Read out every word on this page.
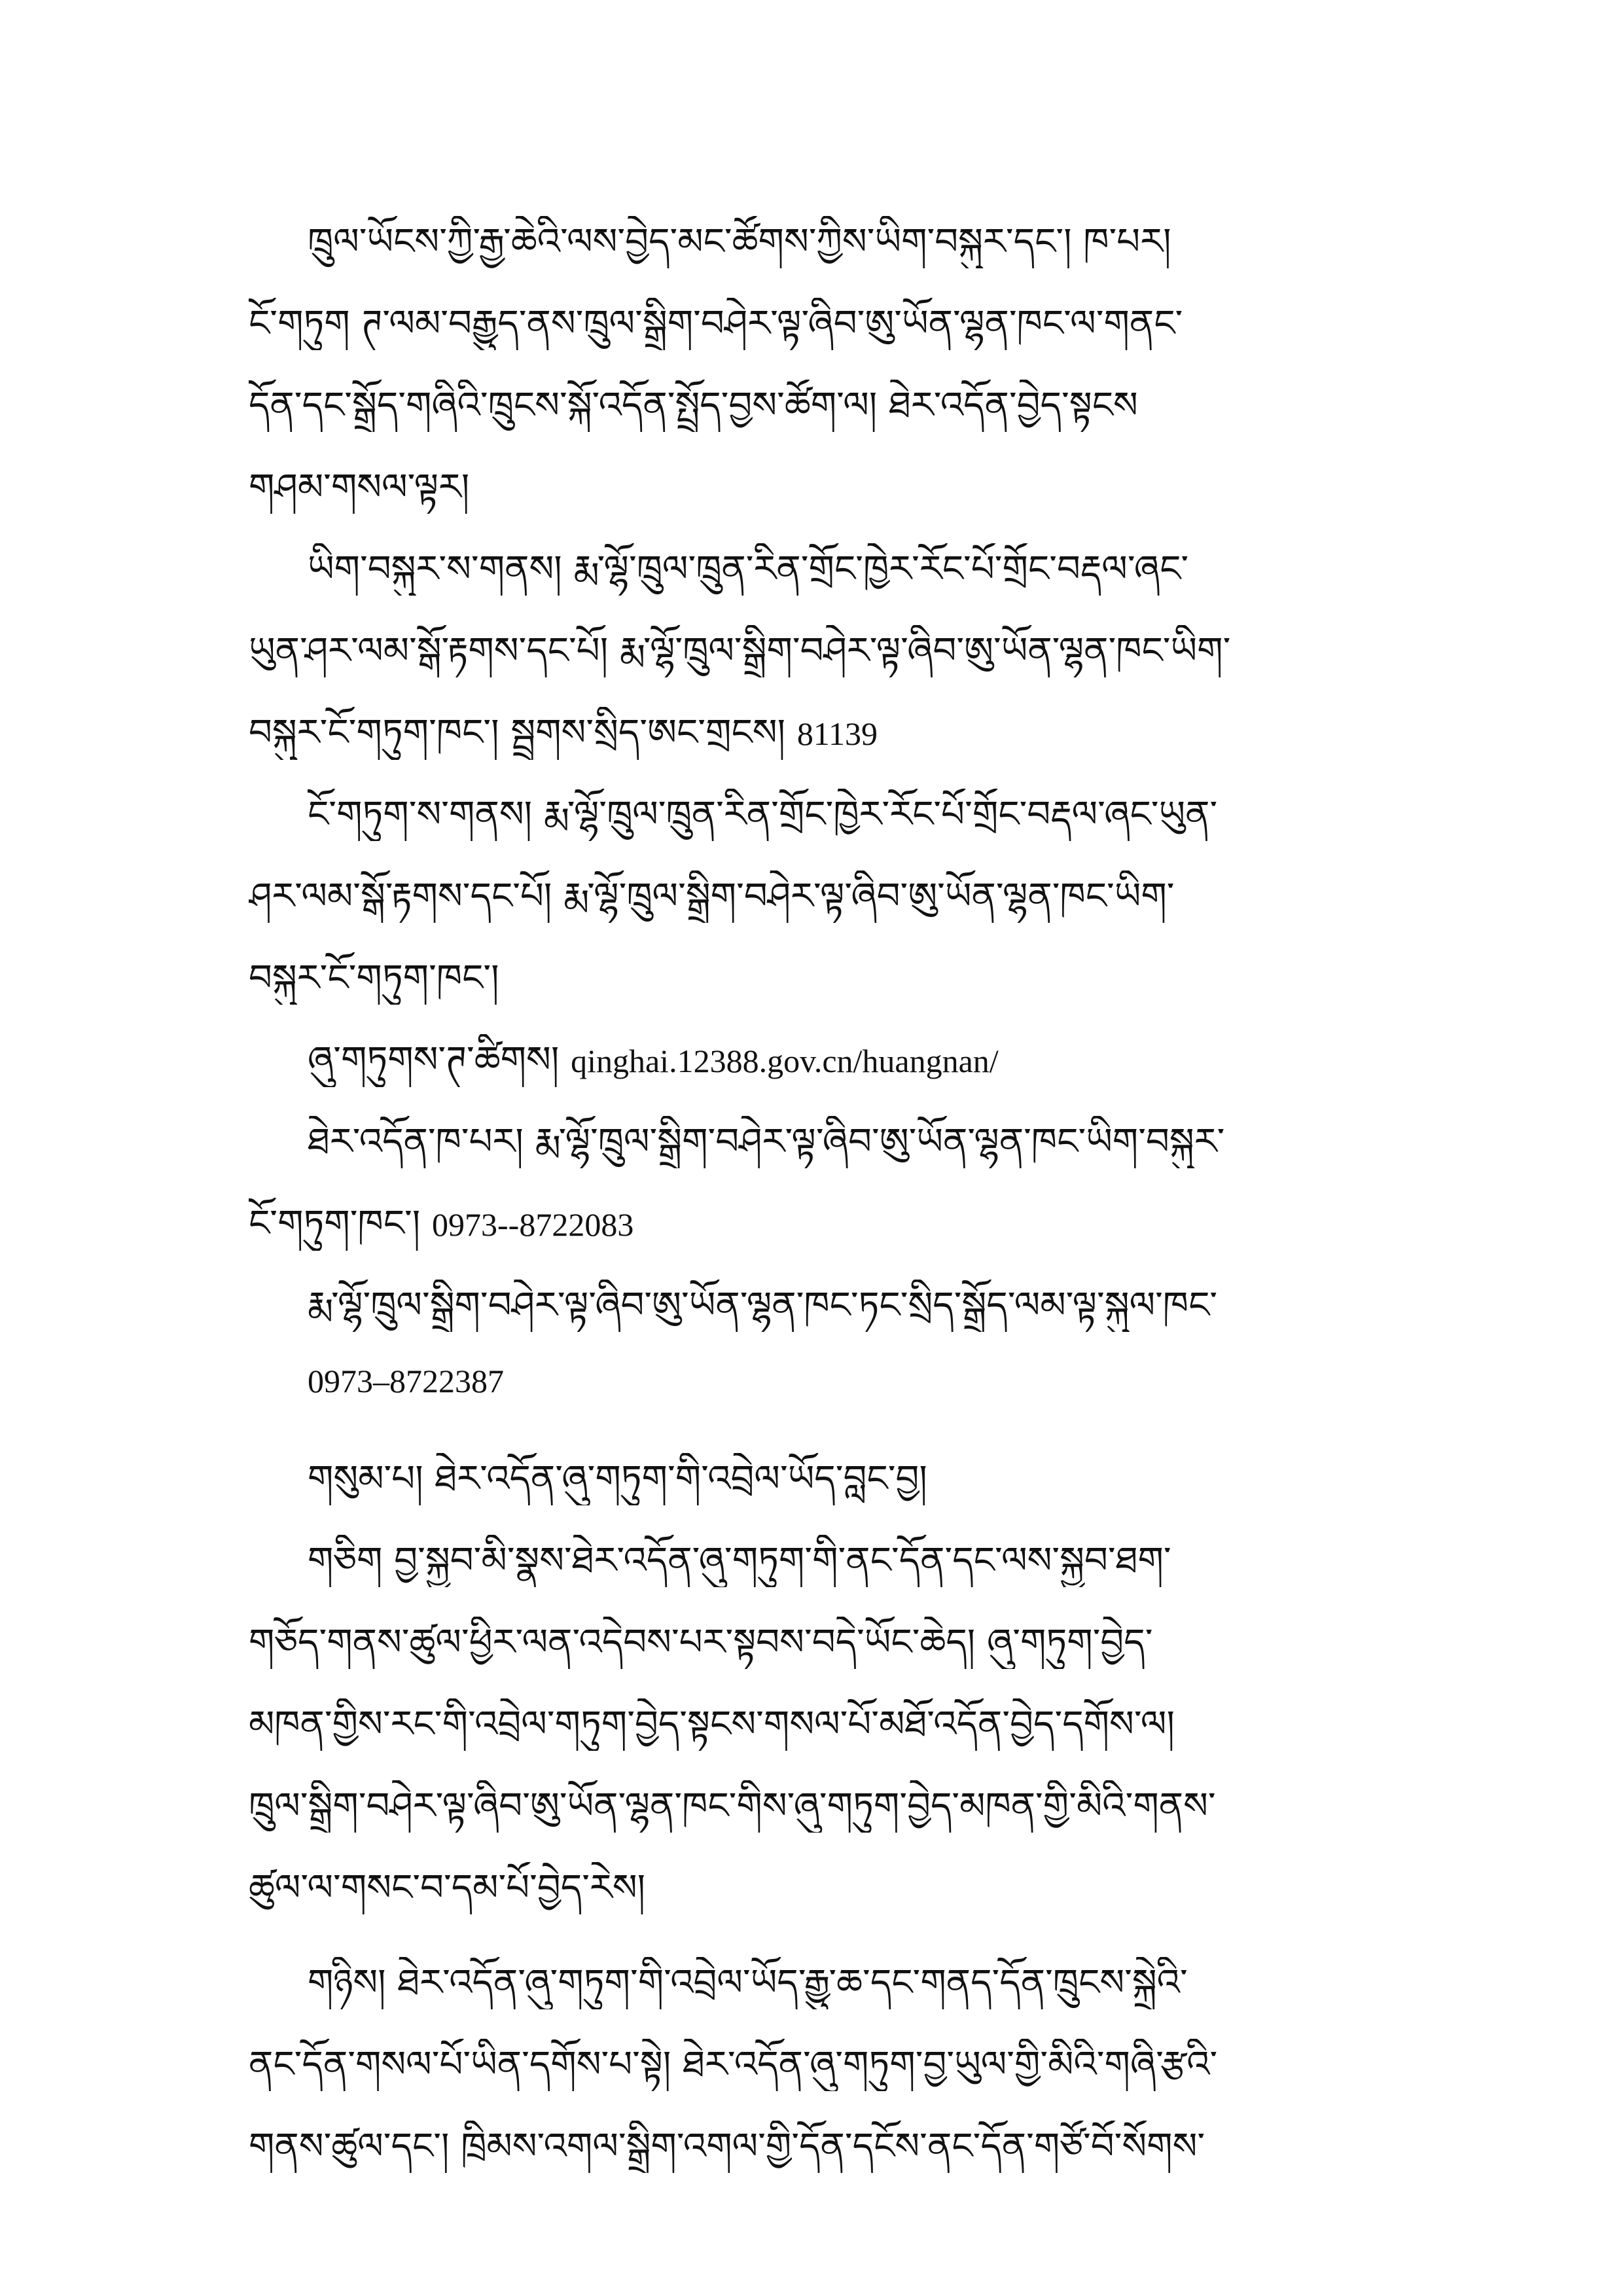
ཁྲུལ་ཡོངས་ཀྱི་རྒྱ་ཆེའི་ལས་བྱེད་མང་ཚོགས་ཀྱིས་ཡིག་བསྐུར་དང་། ཁ་པར།
ངོ་གཏུག ཊ་ལམ་བརྒྱུད་ནས་ཁྲུལ་སྒྲིག་བཤེར་ལྟ་ཞིབ་ཨུ་ཡོན་ལྷན་ཁང་ལ་གནང་
དོན་དང་སྒྲོད་གཞིའི་ཁྲུངས་སྐོ་འདོན་སྤྲོད་བྱས་ཚོག་ལ། ཐེར་འདོན་བྱེད་སྟངས
གཤམ་གསལ་ལྟར།
ཡིག་བསྐུར་ས་གནས། རྨ་ལྷོ་ཁྲུལ་ཁྲུན་རིན་གྲོང་ཁྱེར་རོང་པོ་གྲོང་བརྡལ་ཞང་
ཡུན་ཤར་ལམ་སྒོ་རྟགས་དང་པོ། རྨ་ལྷོ་ཁྲུལ་སྒྲིག་བཤེར་ལྟ་ཞིབ་ཨུ་ཡོན་ལྷན་ཁང་ཡིག་
བསྐུར་ངོ་གཏུག་ཁང་། སྦྲགས་སྲིད་ཨང་གྲངས། 81139
ངོ་གཏུག་ས་གནས། རྨ་ལྷོ་ཁྲུལ་ཁྲུན་རིན་གྲོང་ཁྱེར་རོང་པོ་གྲོང་བརྡལ་ཞང་ཡུན་
ཤར་ལམ་སྒོ་རྟགས་དང་པོ། རྨ་ལྷོ་ཁྲུལ་སྒྲིག་བཤེར་ལྟ་ཞིབ་ཨུ་ཡོན་ལྷན་ཁང་ཡིག་
བསྐུར་ངོ་གཏུག་ཁང་།
ཞུ་གཏུགས་ཊ་ཚིགས། qinghai.12388.gov.cn/huangnan/
ཐེར་འདོན་ཁ་པར། རྨ་ལྷོ་ཁྲུལ་སྒྲིག་བཤེར་ལྟ་ཞིབ་ཨུ་ཡོན་ལྷན་ཁང་ཡིག་བསྐུར་
ངོ་གཏུག་ཁང་། 0973--8722083
རྨ་ལྷོ་ཁྲུལ་སྒྲིག་བཤེར་ལྟ་ཞིབ་ཨུ་ཡོན་ལྷན་ཁང་ཏང་སྲིད་སྒྲོད་ལམ་ལྟ་སྐུལ་ཁང་
0973–8722387
གསུམ་པ། ཐེར་འདོན་ཞུ་གཏུག་གི་འབྲེལ་ཡོད་བླང་བྱ།
གཅིག བྱ་སྐྱབ་མི་སྣས་ཐེར་འདོན་ཞུ་གཏུག་གི་ནང་དོན་དང་ལས་སྐྱབ་ཐག་
གཅོད་གནས་ཚུལ་ཕྱིར་ལན་འདེབས་པར་སྟབས་བདེ་ཡོང་ཆེད། ཞུ་གཏུག་བྱེད་
མཁན་གྱིས་རང་གི་འབྲེལ་གཏུག་བྱེད་སྟངས་གསལ་པོ་མཐོ་འདོན་བྱེད་དགོས་ལ།
ཁྲུལ་སྒྲིག་བཤེར་ལྟ་ཞིབ་ཨུ་ཡོན་ལྷན་ཁང་གིས་ཞུ་གཏུག་བྱེད་མཁན་གྱི་མིའི་གནས་
ཚུལ་ལ་གསང་བ་དམ་པོ་བྱེད་རེས།
གཉིས། ཐེར་འདོན་ཞུ་གཏུག་གི་འབྲེལ་ཡོད་རྒྱུ་ཆ་དང་གནད་དོན་ཁྲུངས་སྐྲེའི་
ནང་དོན་གསལ་པོ་ཡིན་དགོས་པ་སྟེ། ཐེར་འདོན་ཞུ་གཏུག་བྱ་ཡུལ་གྱི་མིའི་གཞི་རྩའི་
གནས་ཚུལ་དང་། ཁྲིམས་འགལ་སྒྲིག་འགལ་གྱི་དོན་དངོས་ནང་དོན་གཙོ་བོ་སོགས་
